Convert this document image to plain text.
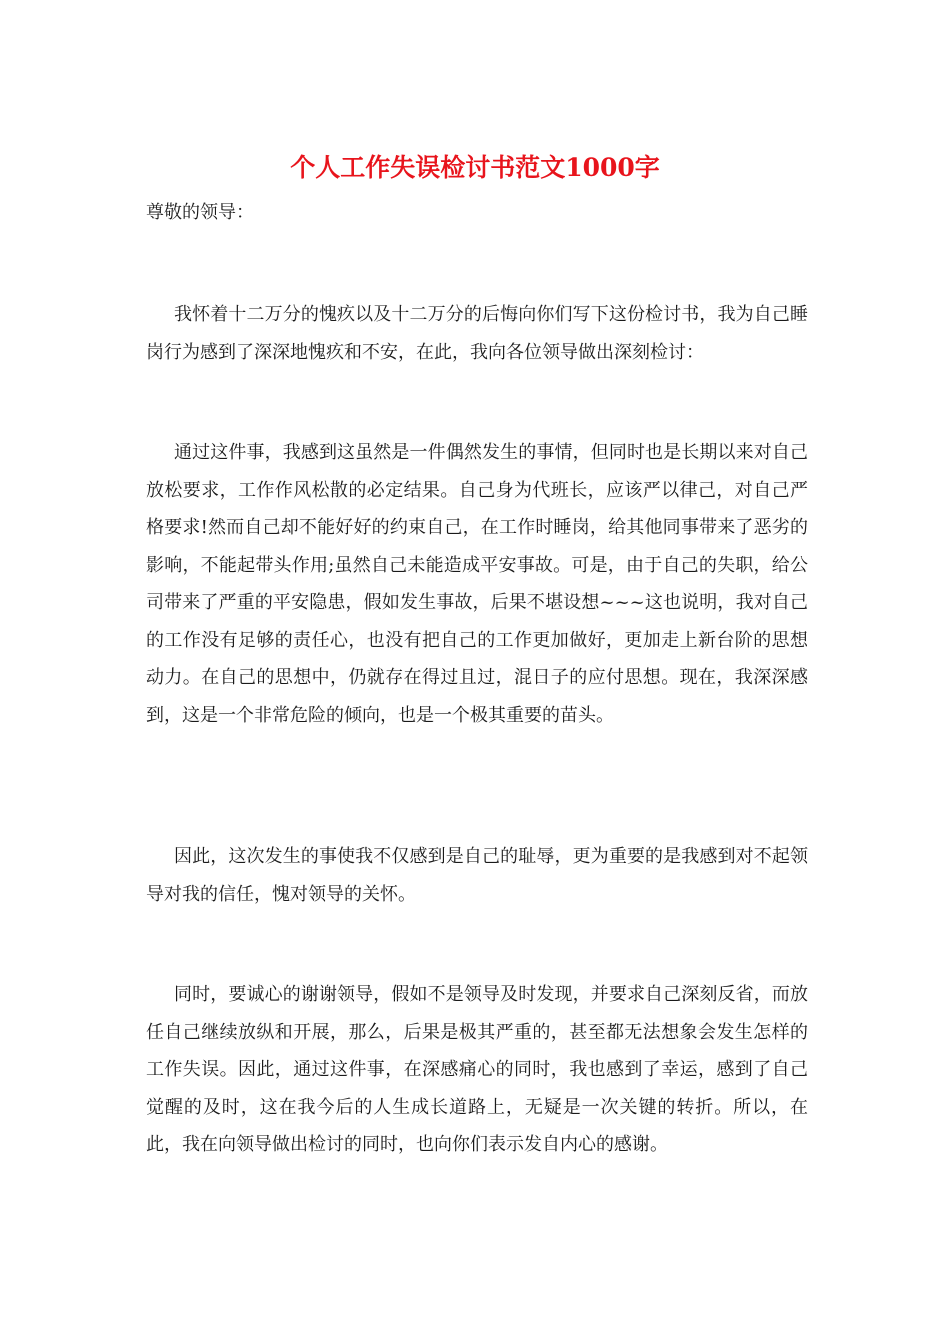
个人工作失误检讨书范文1000字
尊敬的领导：

我怀着十二万分的愧疚以及十二万分的后悔向你们写下这份检讨书，我为自己睡岗行为感到了深深地愧疚和不安，在此，我向各位领导做出深刻检讨：

通过这件事，我感到这虽然是一件偶然发生的事情，但同时也是长期以来对自己放松要求，工作作风松散的必定结果。自己身为代班长，应该严以律己，对自己严格要求!然而自己却不能好好的约束自己，在工作时睡岗，给其他同事带来了恶劣的影响，不能起带头作用;虽然自己未能造成平安事故。可是，由于自己的失职，给公司带来了严重的平安隐患，假如发生事故，后果不堪设想~~~这也说明，我对自己的工作没有足够的责任心，也没有把自己的工作更加做好，更加走上新台阶的思想动力。在自己的思想中，仍就存在得过且过，混日子的应付思想。现在，我深深感到，这是一个非常危险的倾向，也是一个极其重要的苗头。

因此，这次发生的事使我不仅感到是自己的耻辱，更为重要的是我感到对不起领导对我的信任，愧对领导的关怀。

同时，要诚心的谢谢领导，假如不是领导及时发现，并要求自己深刻反省，而放任自己继续放纵和开展，那么，后果是极其严重的，甚至都无法想象会发生怎样的工作失误。因此，通过这件事，在深感痛心的同时，我也感到了幸运，感到了自己觉醒的及时，这在我今后的人生成长道路上，无疑是一次关键的转折。所以，在此，我在向领导做出检讨的同时，也向你们表示发自内心的感谢。
